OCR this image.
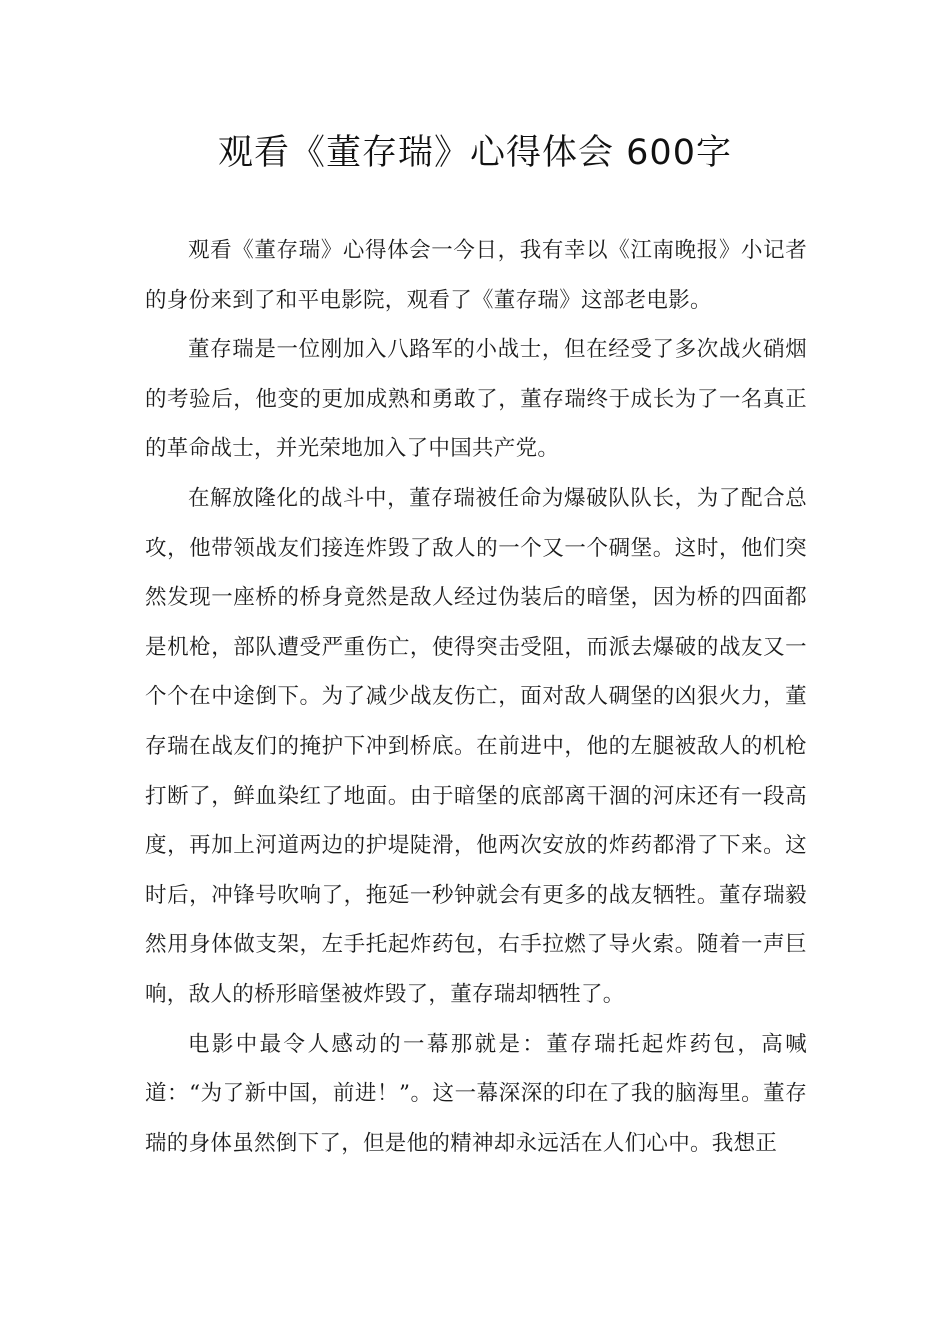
观看《董存瑞》心得体会 600字

观看《董存瑞》心得体会一今日，我有幸以《江南晚报》小记者的身份来到了和平电影院，观看了《董存瑞》这部老电影。

董存瑞是一位刚加入八路军的小战士，但在经受了多次战火硝烟的考验后，他变的更加成熟和勇敢了，董存瑞终于成长为了一名真正的革命战士，并光荣地加入了中国共产党。

在解放隆化的战斗中，董存瑞被任命为爆破队队长，为了配合总攻，他带领战友们接连炸毁了敌人的一个又一个碉堡。这时，他们突然发现一座桥的桥身竟然是敌人经过伪装后的暗堡，因为桥的四面都是机枪，部队遭受严重伤亡，使得突击受阻，而派去爆破的战友又一个个在中途倒下。为了减少战友伤亡，面对敌人碉堡的凶狠火力，董存瑞在战友们的掩护下冲到桥底。在前进中，他的左腿被敌人的机枪打断了，鲜血染红了地面。由于暗堡的底部离干涸的河床还有一段高度，再加上河道两边的护堤陡滑，他两次安放的炸药都滑了下来。这时后，冲锋号吹响了，拖延一秒钟就会有更多的战友牺牲。董存瑞毅然用身体做支架，左手托起炸药包，右手拉燃了导火索。随着一声巨响，敌人的桥形暗堡被炸毁了，董存瑞却牺牲了。

电影中最令人感动的一幕那就是：董存瑞托起炸药包，高喊道：“为了新中国，前进！”。这一幕深深的印在了我的脑海里。董存瑞的身体虽然倒下了，但是他的精神却永远活在人们心中。我想正
